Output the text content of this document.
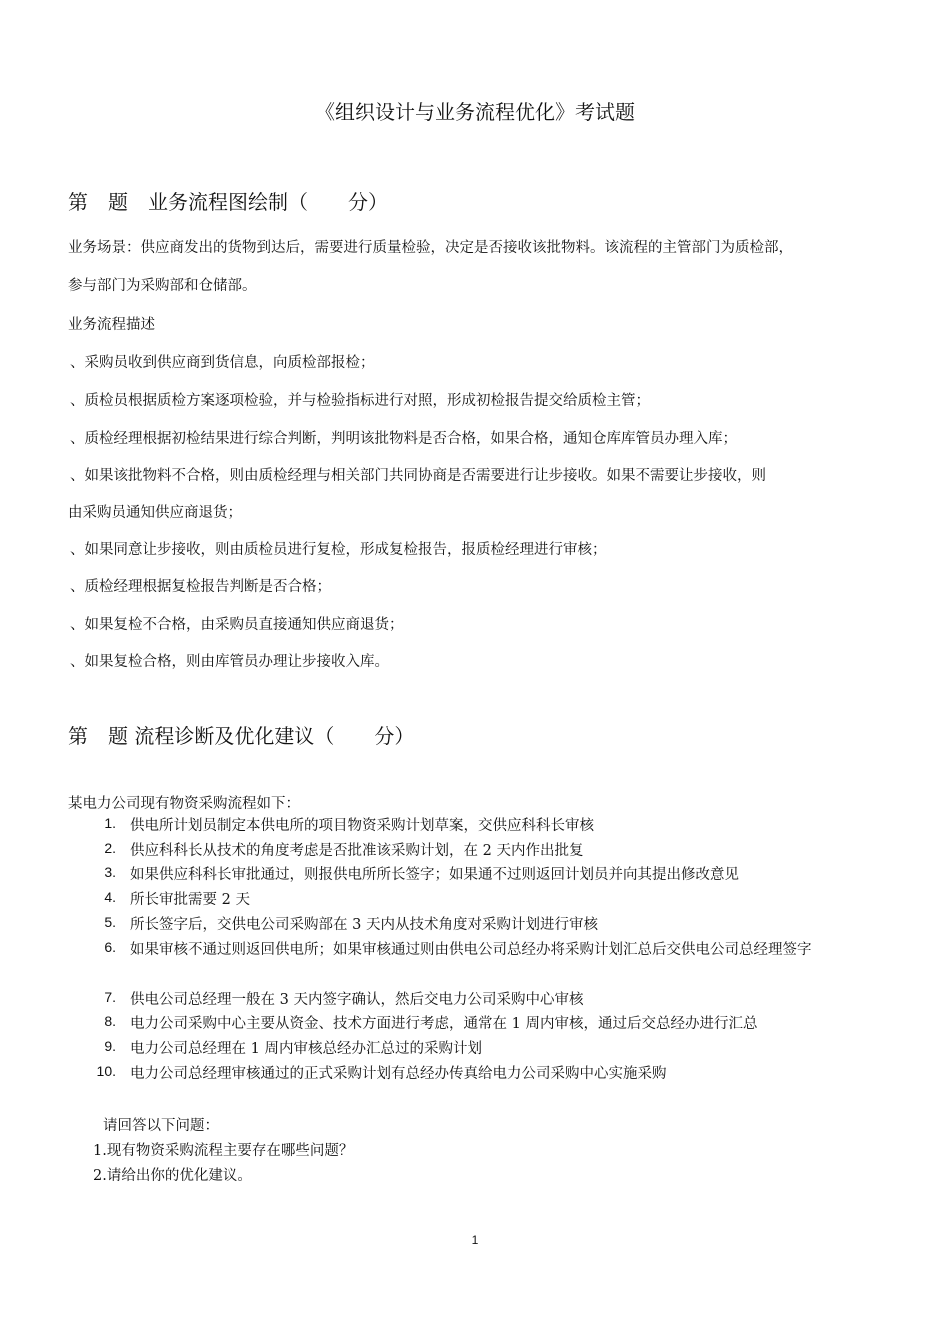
《组织设计与业务流程优化》考试题
第　题　业务流程图绘制（　　分）
业务场景：供应商发出的货物到达后，需要进行质量检验，决定是否接收该批物料。该流程的主管部门为质检部，
参与部门为采购部和仓储部。
业务流程描述
、采购员收到供应商到货信息，向质检部报检；
、质检员根据质检方案逐项检验，并与检验指标进行对照，形成初检报告提交给质检主管；
、质检经理根据初检结果进行综合判断，判明该批物料是否合格，如果合格，通知仓库库管员办理入库；
、如果该批物料不合格，则由质检经理与相关部门共同协商是否需要进行让步接收。如果不需要让步接收，则
由采购员通知供应商退货；
、如果同意让步接收，则由质检员进行复检，形成复检报告，报质检经理进行审核；
、质检经理根据复检报告判断是否合格；
、如果复检不合格，由采购员直接通知供应商退货；
、如果复检合格，则由库管员办理让步接收入库。
第　题 流程诊断及优化建议（　　分）
某电力公司现有物资采购流程如下：
1. 供电所计划员制定本供电所的项目物资采购计划草案，交供应科科长审核
2. 供应科科长从技术的角度考虑是否批准该采购计划，在 2 天内作出批复
3. 如果供应科科长审批通过，则报供电所所长签字；如果通不过则返回计划员并向其提出修改意见
4. 所长审批需要 2 天
5. 所长签字后，交供电公司采购部在 3 天内从技术角度对采购计划进行审核
6. 如果审核不通过则返回供电所；如果审核通过则由供电公司总经办将采购计划汇总后交供电公司总经理签字
7. 供电公司总经理一般在 3 天内签字确认，然后交电力公司采购中心审核
8. 电力公司采购中心主要从资金、技术方面进行考虑，通常在 1 周内审核，通过后交总经办进行汇总
9. 电力公司总经理在 1 周内审核总经办汇总过的采购计划
10. 电力公司总经理审核通过的正式采购计划有总经办传真给电力公司采购中心实施采购
请回答以下问题：
1.现有物资采购流程主要存在哪些问题？
2.请给出你的优化建议。
1
